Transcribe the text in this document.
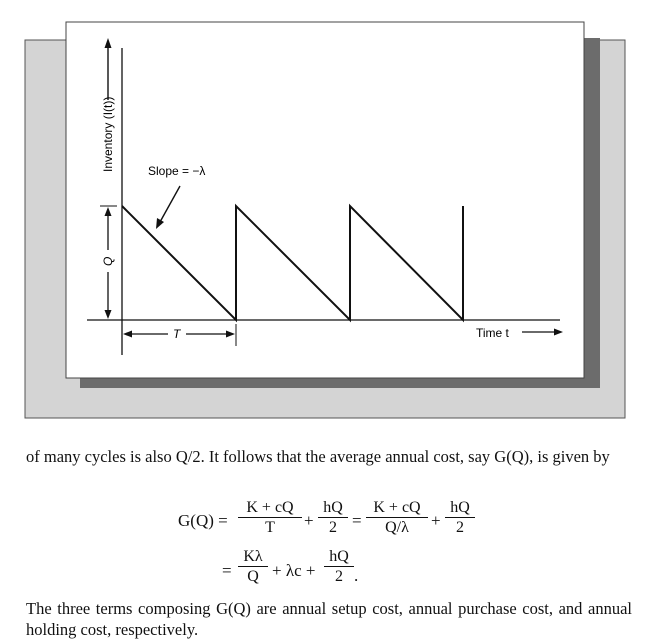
Inventory (I(t))
Q
Slope = −λ
T	Time t

of many cycles is also Q/2. It follows that the average annual cost, say G(Q), is given by

$G(Q) = \frac{K + cQ}{T} + \frac{hQ}{2} = \frac{K + cQ}{Q/\lambda} + \frac{hQ}{2}$
= $\frac{K\lambda}{Q} + \lambda c + \frac{hQ}{2}$ .

The three terms composing G(Q) are annual setup cost, annual purchase cost, and annual holding cost, respectively.
